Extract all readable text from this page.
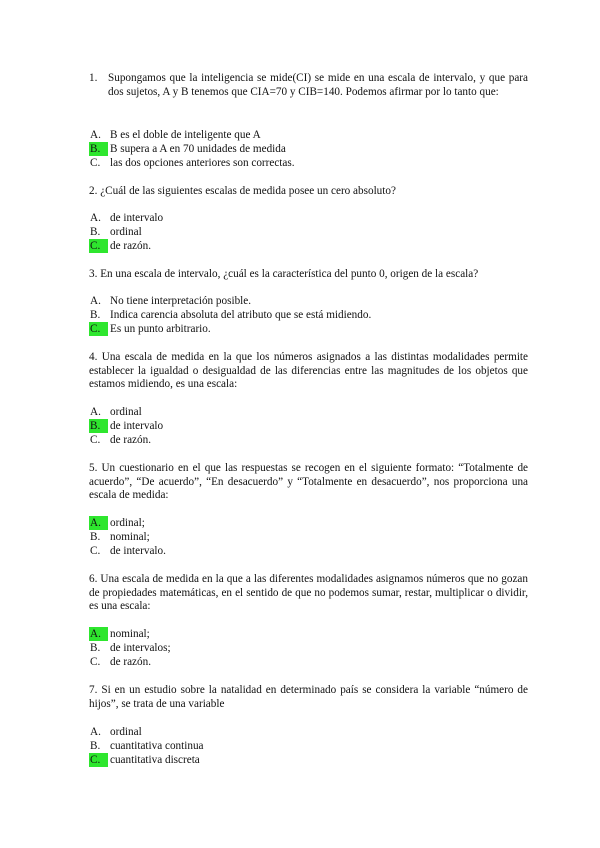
1. Supongamos que la inteligencia se mide(CI) se mide en una escala de intervalo, y que para dos sujetos, A y B tenemos que CIA=70 y CIB=140. Podemos afirmar por lo tanto que:
A. B es el doble de inteligente que A
B. B supera a A en 70 unidades de medida
C. las dos opciones anteriores son correctas.
2. ¿Cuál de las siguientes escalas de medida posee un cero absoluto?
A. de intervalo
B. ordinal
C. de razón.
3. En una escala de intervalo, ¿cuál es la característica del punto 0, origen de la escala?
A. No tiene interpretación posible.
B. Indica carencia absoluta del atributo que se está midiendo.
C. Es un punto arbitrario.
4. Una escala de medida en la que los números asignados a las distintas modalidades permite establecer la igualdad o desigualdad de las diferencias entre las magnitudes de los objetos que estamos midiendo, es una escala:
A. ordinal
B. de intervalo
C. de razón.
5. Un cuestionario en el que las respuestas se recogen en el siguiente formato: “Totalmente de acuerdo”, “De acuerdo”, “En desacuerdo” y “Totalmente en desacuerdo”, nos proporciona una escala de medida:
A. ordinal;
B. nominal;
C. de intervalo.
6. Una escala de medida en la que a las diferentes modalidades asignamos números que no gozan de propiedades matemáticas, en el sentido de que no podemos sumar, restar, multiplicar o dividir, es una escala:
A. nominal;
B. de intervalos;
C. de razón.
7. Si en un estudio sobre la natalidad en determinado país se considera la variable “número de hijos”, se trata de una variable
A. ordinal
B. cuantitativa continua
C. cuantitativa discreta
